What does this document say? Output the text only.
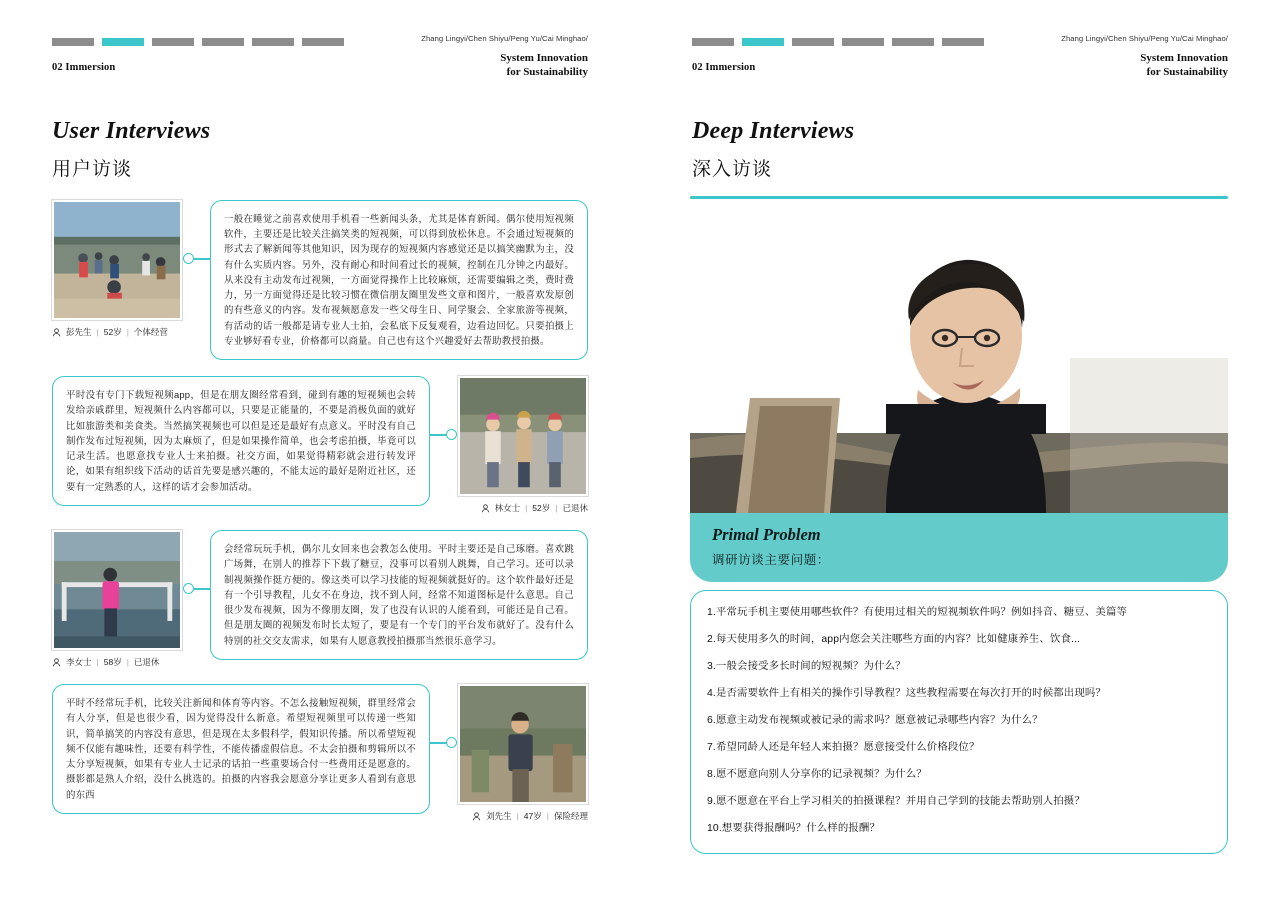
02 Immersion
Zhang Lingyi/Chen Shiyu/Peng Yu/Cai Minghao/
System Innovation
for Sustainability
User Interviews
用户访谈
彭先生 | 52岁 | 个体经营
一般在睡觉之前喜欢使用手机看一些新闻头条，尤其是体育新闻。偶尔使用短视频软件，主要还是比较关注搞笑类的短视频，可以得到放松休息。不会通过短视频的形式去了解新闻等其他知识，因为现存的短视频内容感觉还是以搞笑幽默为主，没有什么实质内容。另外，没有耐心和时间看过长的视频，控制在几分钟之内最好。从来没有主动发布过视频，一方面觉得操作上比较麻烦，还需要编辑之类，费时费力，另一方面觉得还是比较习惯在微信朋友圈里发些文章和图片，一般喜欢发原创的有些意义的内容。发布视频愿意发一些父母生日、同学聚会、全家旅游等视频，有活动的话一般都是请专业人士拍，会私底下反复观看，边看边回忆。只要拍摄上专业够好看专业，价格都可以商量。自己也有这个兴趣爱好去帮助教授拍摄。
林女士 | 52岁 | 已退休
平时没有专门下载短视频app，但是在朋友圈经常看到，碰到有趣的短视频也会转发给亲戚群里，短视频什么内容都可以，只要是正能量的，不要是消极负面的就好比如旅游类和美食类。当然搞笑视频也可以但是还是最好有点意义。平时没有自己制作发布过短视频，因为太麻烦了，但是如果操作简单，也会考虑拍摄，毕竟可以记录生活。也愿意找专业人士来拍摄。社交方面，如果觉得精彩就会进行转发评论，如果有组织线下活动的话首先要是感兴趣的，不能太远的最好是附近社区，还要有一定熟悉的人，这样的话才会参加活动。
李女士 | 58岁 | 已退休
会经常玩玩手机，偶尔儿女回来也会教怎么使用。平时主要还是自己琢磨。喜欢跳广场舞，在别人的推荐下下载了糖豆，没事可以看别人跳舞，自己学习。还可以录制视频操作挺方便的。像这类可以学习技能的短视频就挺好的。这个软件最好还是有一个引导教程，儿女不在身边，找不到人问，经常不知道图标是什么意思。自己很少发布视频，因为不像朋友圈，发了也没有认识的人能看到，可能还是自己看。但是朋友圈的视频发布时长太短了，要是有一个专门的平台发布就好了。没有什么特别的社交交友需求，如果有人愿意教授拍摄那当然很乐意学习。
刘先生 | 47岁 | 保险经理
平时不经常玩手机，比较关注新闻和体育等内容。不怎么接触短视频，群里经常会有人分享，但是也很少看，因为觉得没什么新意。希望短视频里可以传递一些知识，简单搞笑的内容没有意思，但是现在太多假科学，假知识传播。所以希望短视频不仅能有趣味性，还要有科学性，不能传播虚假信息。不太会拍摄和剪辑所以不太分享短视频，如果有专业人士记录的话拍一些重要场合付一些费用还是愿意的。摄影都是熟人介绍，没什么挑选的。拍摄的内容我会愿意分享让更多人看到有意思的东西
02 Immersion
Zhang Lingyi/Chen Shiyu/Peng Yu/Cai Minghao/
System Innovation
for Sustainability
Deep Interviews
深入访谈
Primal Problem
调研访谈主要问题：
1.平常玩手机主要使用哪些软件？有使用过相关的短视频软件吗？例如抖音、糖豆、美篇等
2.每天使用多久的时间，app内您会关注哪些方面的内容？比如健康养生、饮食...
3.一般会接受多长时间的短视频？为什么？
4.是否需要软件上有相关的操作引导教程？这些教程需要在每次打开的时候都出现吗？
6.愿意主动发布视频或被记录的需求吗？愿意被记录哪些内容？为什么？
7.希望同龄人还是年轻人来拍摄？愿意接受什么价格段位？
8.愿不愿意向别人分享你的记录视频？为什么？
9.愿不愿意在平台上学习相关的拍摄课程？并用自己学到的技能去帮助别人拍摄？
10.想要获得报酬吗？什么样的报酬？
